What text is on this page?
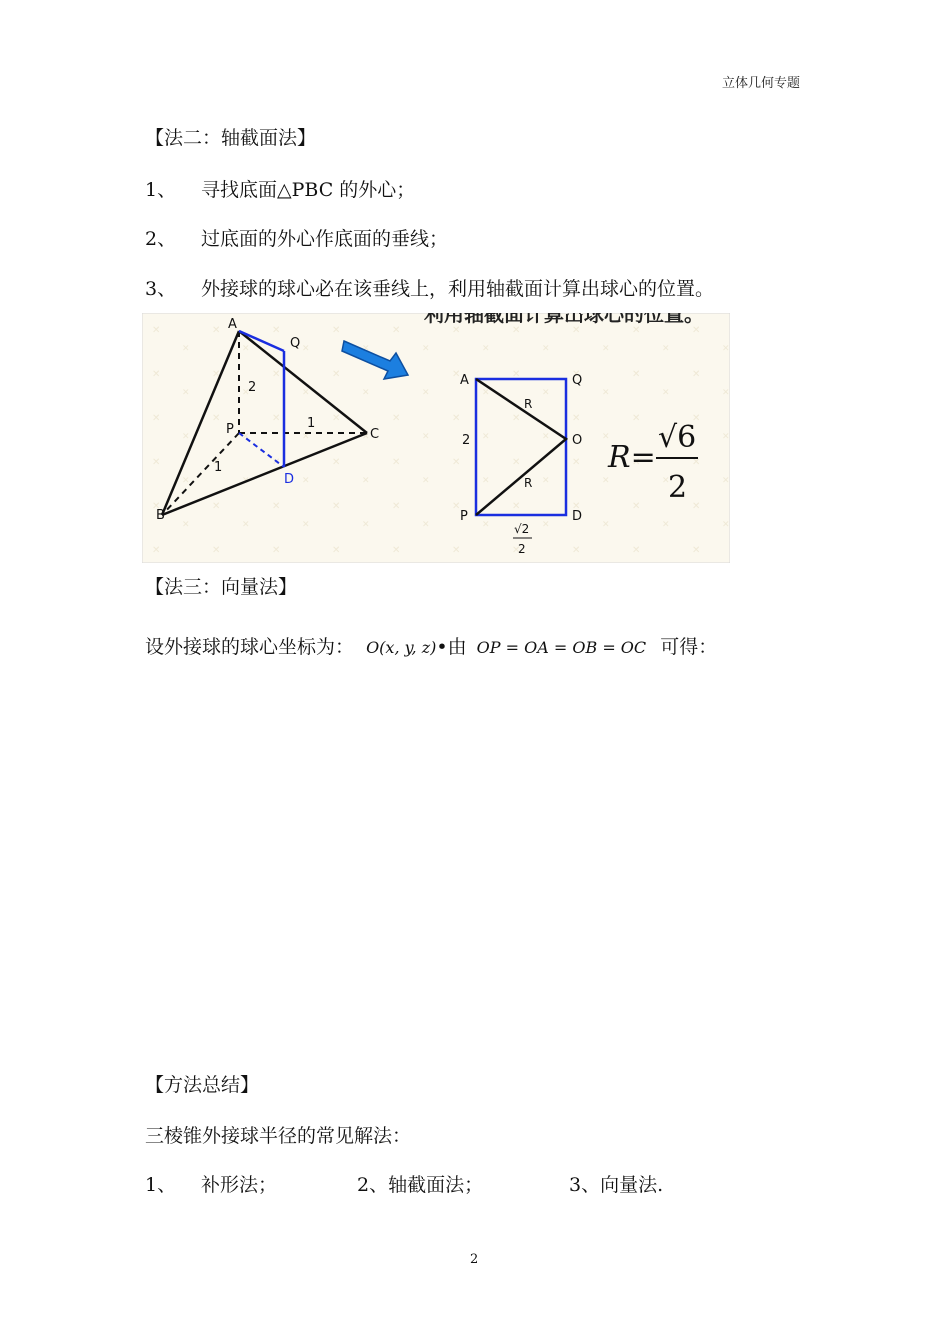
立体几何专题
【法二：轴截面法】
1、 寻找底面△PBC 的外心；
2、 过底面的外心作底面的垂线；
3、 外接球的球心必在该垂线上，利用轴截面计算出球心的位置。
利用轴截面计算出球心的位置。
A
Q
P	C
B
D
2
1
1
A	Q
O
P	D
2
R
R
√2
2
R=
√6
2
【法三：向量法】
设外接球的球心坐标为： O(x, y, z)•由 OP = OA = OB = OC 可得：
【方法总结】
三棱锥外接球半径的常见解法：
1、 补形法；	2、轴截面法；	3、向量法.
2
